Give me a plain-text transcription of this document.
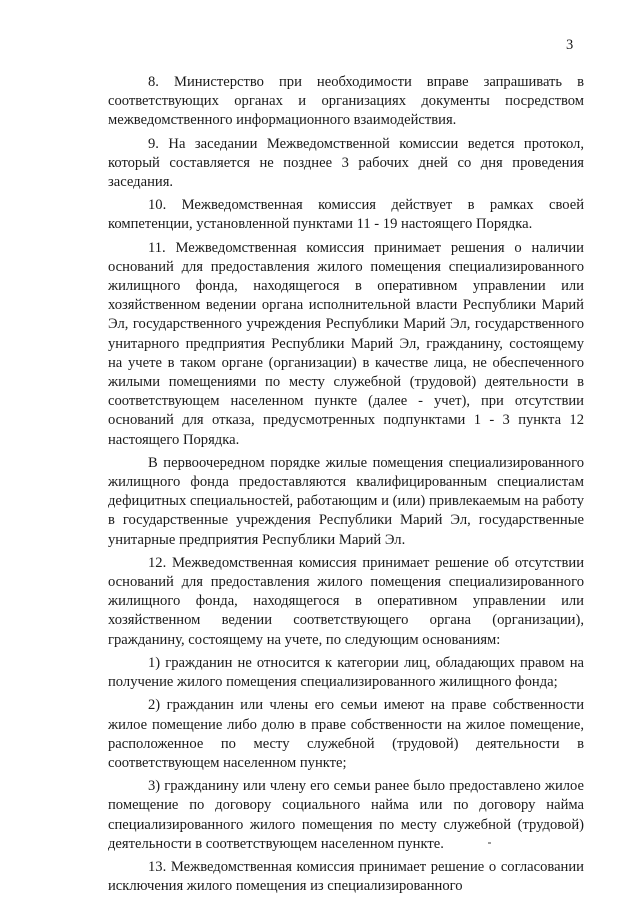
3

8. Министерство при необходимости вправе запрашивать в соответствующих органах и организациях документы посредством межведомственного информационного взаимодействия.

9. На заседании Межведомственной комиссии ведется протокол, который составляется не позднее 3 рабочих дней со дня проведения заседания.

10. Межведомственная комиссия действует в рамках своей компетенции, установленной пунктами 11 - 19 настоящего Порядка.

11. Межведомственная комиссия принимает решения о наличии оснований для предоставления жилого помещения специализированного жилищного фонда, находящегося в оперативном управлении или хозяйственном ведении органа исполнительной власти Республики Марий Эл, государственного учреждения Республики Марий Эл, государственного унитарного предприятия Республики Марий Эл, гражданину, состоящему на учете в таком органе (организации) в качестве лица, не обеспеченного жилыми помещениями по месту служебной (трудовой) деятельности в соответствующем населенном пункте (далее - учет), при отсутствии оснований для отказа, предусмотренных подпунктами 1 - 3 пункта 12 настоящего Порядка.

В первоочередном порядке жилые помещения специализированного жилищного фонда предоставляются квалифицированным специалистам дефицитных специальностей, работающим и (или) привлекаемым на работу в государственные учреждения Республики Марий Эл, государственные унитарные предприятия Республики Марий Эл.

12. Межведомственная комиссия принимает решение об отсутствии оснований для предоставления жилого помещения специализированного жилищного фонда, находящегося в оперативном управлении или хозяйственном ведении соответствующего органа (организации), гражданину, состоящему на учете, по следующим основаниям:

1) гражданин не относится к категории лиц, обладающих правом на получение жилого помещения специализированного жилищного фонда;

2) гражданин или члены его семьи имеют на праве собственности жилое помещение либо долю в праве собственности на жилое помещение, расположенное по месту служебной (трудовой) деятельности в соответствующем населенном пункте;

3) гражданину или члену его семьи ранее было предоставлено жилое помещение по договору социального найма или по договору найма специализированного жилого помещения по месту служебной (трудовой) деятельности в соответствующем населенном пункте.

13. Межведомственная комиссия принимает решение о согласовании исключения жилого помещения из специализированного
